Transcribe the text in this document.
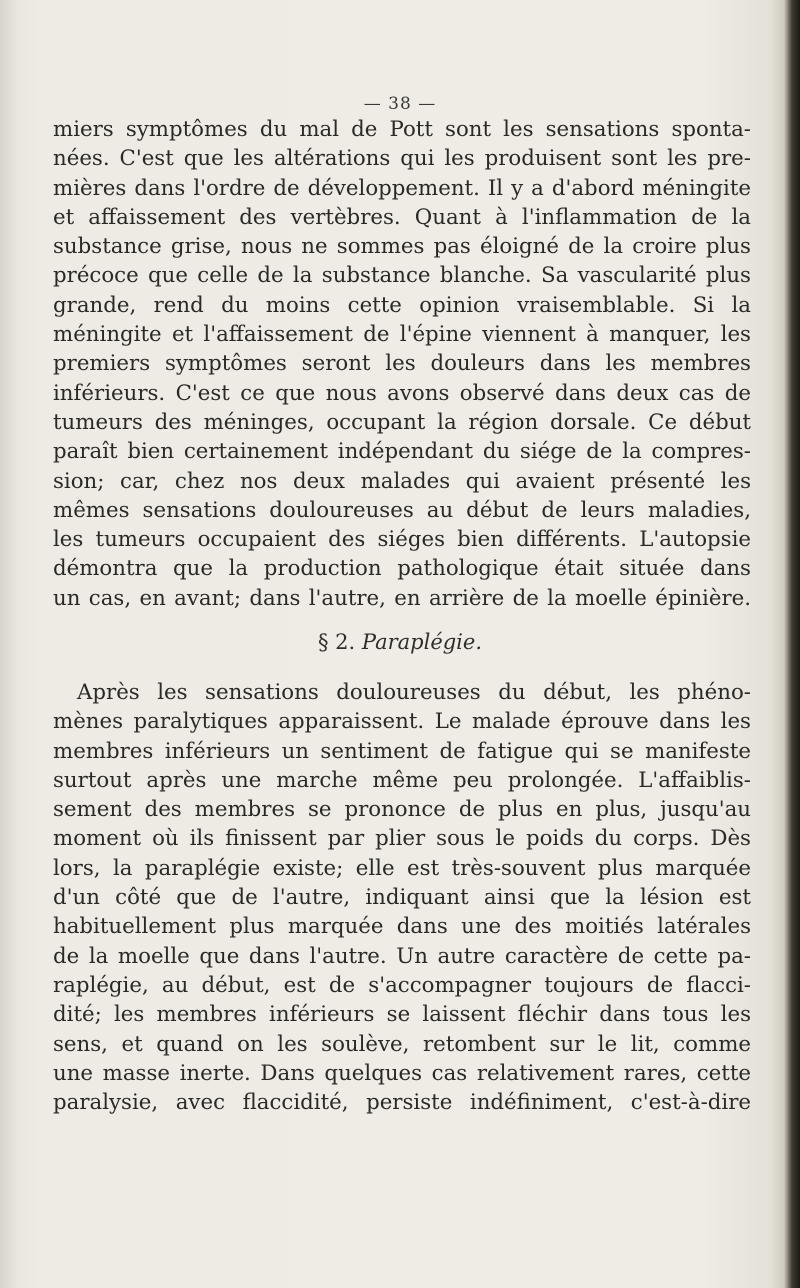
— 38 —
miers symptômes du mal de Pott sont les sensations sponta-
nées. C'est que les altérations qui les produisent sont les pre-
mières dans l'ordre de développement. Il y a d'abord méningite
et affaissement des vertèbres. Quant à l'inflammation de la
substance grise, nous ne sommes pas éloigné de la croire plus
précoce que celle de la substance blanche. Sa vascularité plus
grande, rend du moins cette opinion vraisemblable. Si la
méningite et l'affaissement de l'épine viennent à manquer, les
premiers symptômes seront les douleurs dans les membres
inférieurs. C'est ce que nous avons observé dans deux cas de
tumeurs des méninges, occupant la région dorsale. Ce début
paraît bien certainement indépendant du siége de la compres-
sion; car, chez nos deux malades qui avaient présenté les
mêmes sensations douloureuses au début de leurs maladies,
les tumeurs occupaient des siéges bien différents. L'autopsie
démontra que la production pathologique était située dans
un cas, en avant; dans l'autre, en arrière de la moelle épinière.
§ 2. Paraplégie.
Après les sensations douloureuses du début, les phéno-
mènes paralytiques apparaissent. Le malade éprouve dans les
membres inférieurs un sentiment de fatigue qui se manifeste
surtout après une marche même peu prolongée. L'affaiblis-
sement des membres se prononce de plus en plus, jusqu'au
moment où ils finissent par plier sous le poids du corps. Dès
lors, la paraplégie existe; elle est très-souvent plus marquée
d'un côté que de l'autre, indiquant ainsi que la lésion est
habituellement plus marquée dans une des moitiés latérales
de la moelle que dans l'autre. Un autre caractère de cette pa-
raplégie, au début, est de s'accompagner toujours de flacci-
dité; les membres inférieurs se laissent fléchir dans tous les
sens, et quand on les soulève, retombent sur le lit, comme
une masse inerte. Dans quelques cas relativement rares, cette
paralysie, avec flaccidité, persiste indéfiniment, c'est-à-dire
